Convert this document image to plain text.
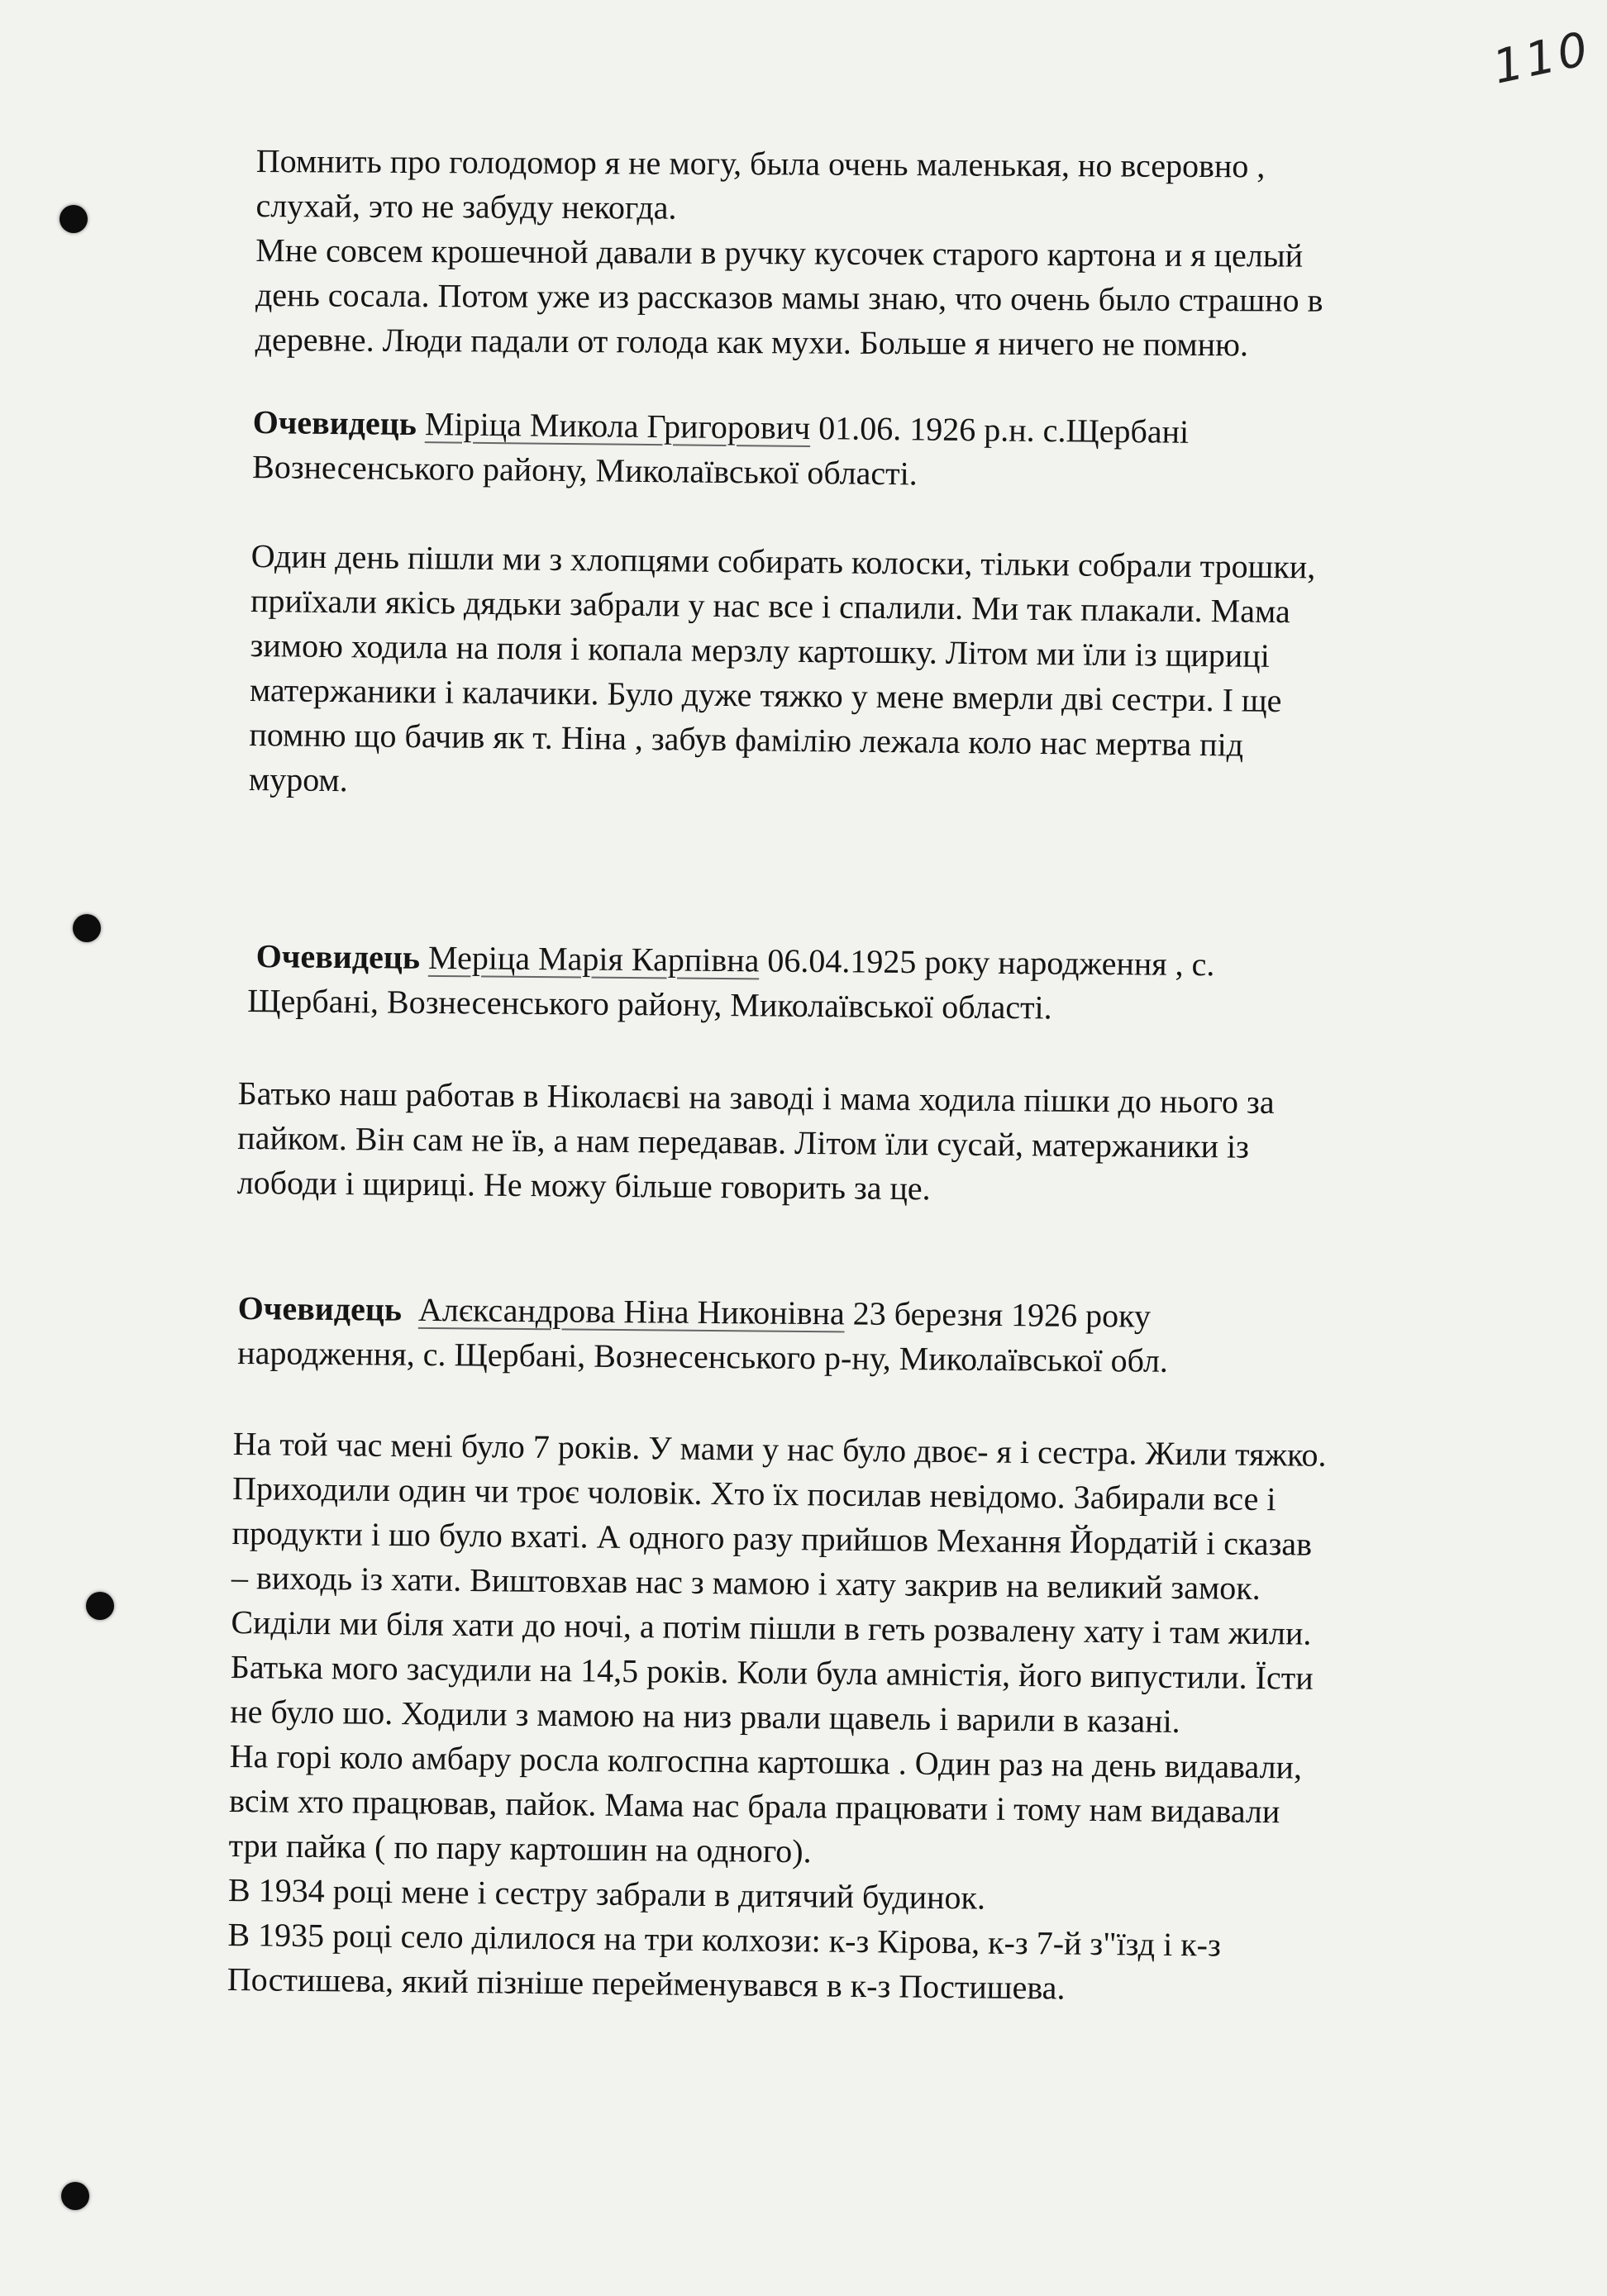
110

Помнить про голодомор я не могу, была очень маленькая, но всеровно ,

слухай, это не забуду некогда.

Мне совсем крошечной давали в ручку кусочек старого картона и я целый

день сосала. Потом уже из рассказов мамы знаю, что очень было страшно в

деревне. Люди падали от голода как мухи. Больше я ничего не помню.

Очевидець Міріца Микола Григорович 01.06. 1926 р.н. с.Щербані

Вознесенського району, Миколаївської області.

Один день пішли ми з хлопцями собирать колоски, тільки собрали трошки,

приїхали якісь дядьки забрали у нас все і спалили. Ми так плакали. Мама

зимою ходила на поля і копала мерзлу картошку. Літом ми їли із щириці

матержаники і калачики. Було дуже тяжко у мене вмерли дві сестри. І ще

помню що бачив як т. Ніна , забув фамілію лежала коло нас мертва під

муром.

Очевидець Меріца Марія Карпівна 06.04.1925 року народження , с.

Щербані, Вознесенського району, Миколаївської області.

Батько наш работав в Ніколаєві на заводі і мама ходила пішки до нього за

пайком. Він сам не їв, а нам передавав. Літом їли сусай, матержаники із

лободи і щириці. Не можу більше говорить за це.

Очевидець Алєксандрова Ніна Никонівна 23 березня 1926 року

народження, с. Щербані, Вознесенського р-ну, Миколаївської обл.

На той час мені було 7 років. У мами у нас було двоє- я і сестра. Жили тяжко.

Приходили один чи троє чоловік. Хто їх посилав невідомо. Забирали все і

продукти і шо було вхаті. А одного разу прийшов Механня Йордатій і сказав

– виходь із хати. Виштовхав нас з мамою і хату закрив на великий замок.

Сиділи ми біля хати до ночі, а потім пішли в геть розвалену хату і там жили.

Батька мого засудили на 14,5 років. Коли була амністія, його випустили. Їсти

не було шо. Ходили з мамою на низ рвали щавель і варили в казані.

На горі коло амбару росла колгоспна картошка . Один раз на день видавали,

всім хто працював, пайок. Мама нас брала працювати і тому нам видавали

три пайка ( по пару картошин на одного).

В 1934 році мене і сестру забрали в дитячий будинок.

В 1935 році село ділилося на три колхози: к-з Кірова, к-з 7-й з"їзд і к-з

Постишева, який пізніше перейменувався в к-з Постишева.
